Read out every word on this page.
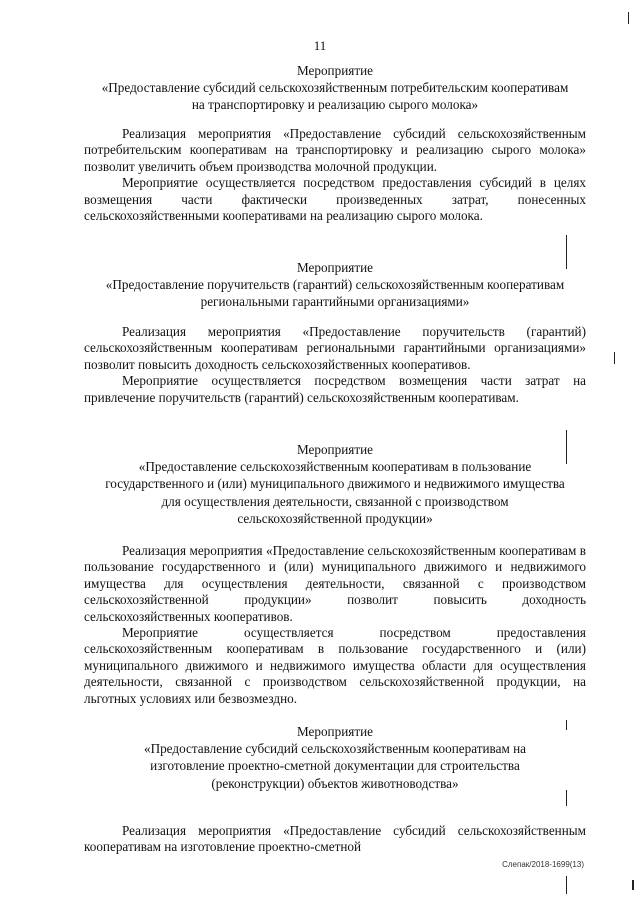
11
Мероприятие
«Предоставление субсидий сельскохозяйственным потребительским кооперативам на транспортировку и реализацию сырого молока»

Реализация мероприятия «Предоставление субсидий сельскохозяйственным потребительским кооперативам на транспортировку и реализацию сырого молока» позволит увеличить объем производства молочной продукции.

Мероприятие осуществляется посредством предоставления субсидий в целях возмещения части фактически произведенных затрат, понесенных сельскохозяйственными кооперативами на реализацию сырого молока.

Мероприятие
«Предоставление поручительств (гарантий) сельскохозяйственным кооперативам региональными гарантийными организациями»

Реализация мероприятия «Предоставление поручительств (гарантий) сельскохозяйственным кооперативам региональными гарантийными организациями» позволит повысить доходность сельскохозяйственных кооперативов.

Мероприятие осуществляется посредством возмещения части затрат на привлечение поручительств (гарантий) сельскохозяйственным кооперативам.

Мероприятие
«Предоставление сельскохозяйственным кооперативам в пользование государственного и (или) муниципального движимого и недвижимого имущества для осуществления деятельности, связанной с производством сельскохозяйственной продукции»

Реализация мероприятия «Предоставление сельскохозяйственным кооперативам в пользование государственного и (или) муниципального движимого и недвижимого имущества для осуществления деятельности, связанной с производством сельскохозяйственной продукции» позволит повысить доходность сельскохозяйственных кооперативов.

Мероприятие осуществляется посредством предоставления сельскохозяйственным кооперативам в пользование государственного и (или) муниципального движимого и недвижимого имущества области для осуществления деятельности, связанной с производством сельскохозяйственной продукции, на льготных условиях или безвозмездно.

Мероприятие
«Предоставление субсидий сельскохозяйственным кооперативам на изготовление проектно-сметной документации для строительства (реконструкции) объектов животноводства»

Реализация мероприятия «Предоставление субсидий сельскохозяйственным кооперативам на изготовление проектно-сметной

Слепак/2018-1699(13)
